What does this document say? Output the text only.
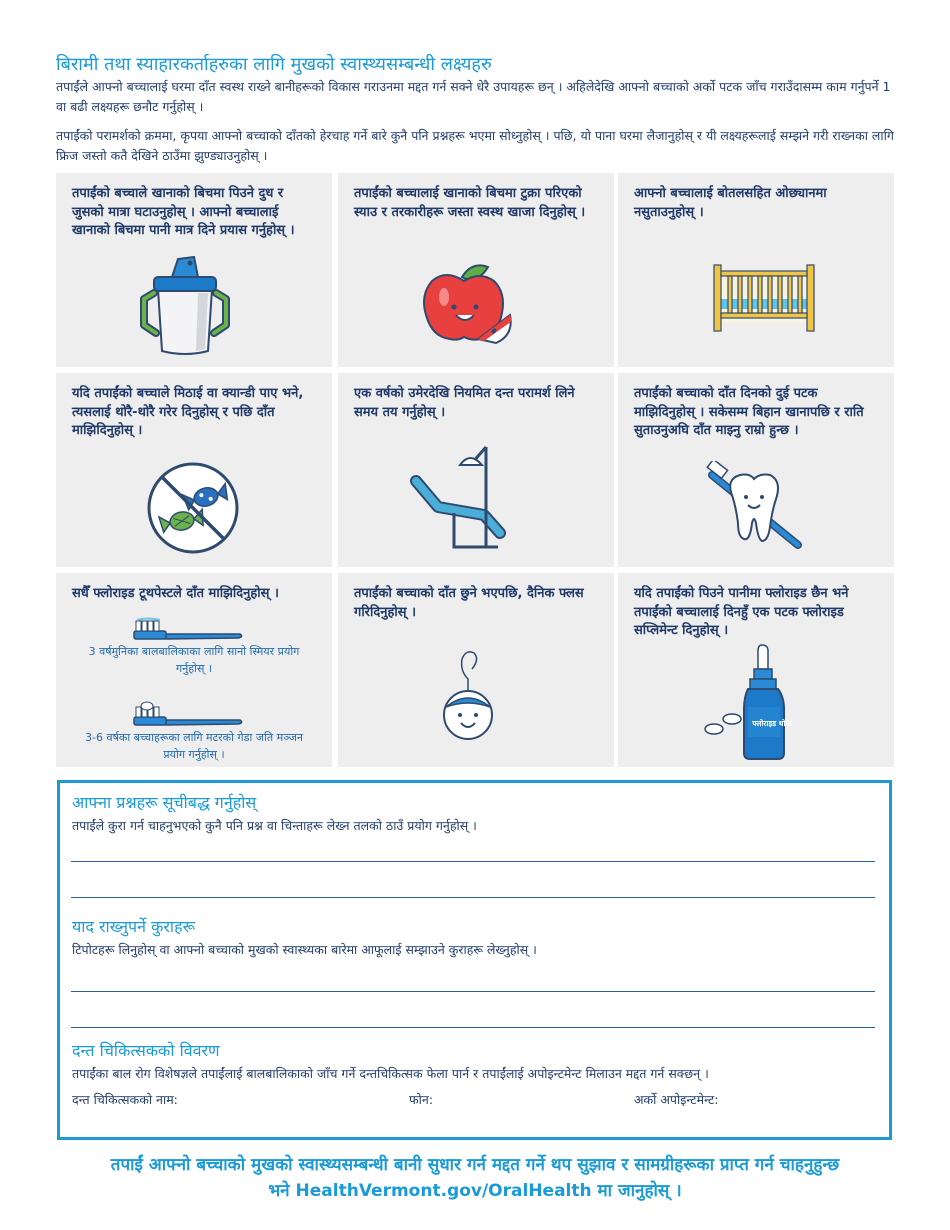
बिरामी तथा स्याहारकर्ताहरुका लागि मुखको स्वास्थ्यसम्बन्धी लक्ष्यहरु

तपाईंले आफ्नो बच्चालाई घरमा दाँत स्वस्थ राख्ने बानीहरूको विकास गराउनमा मद्दत गर्न सक्ने धेरै उपायहरू छन् । अहिलेदेखि आफ्नो बच्चाको अर्को पटक जाँच गराउँदासम्म काम गर्नुपर्ने 1 वा बढी लक्ष्यहरू छनौट गर्नुहोस् ।

तपाईंको परामर्शको क्रममा, कृपया आफ्नो बच्चाको दाँतको हेरचाह गर्ने बारे कुनै पनि प्रश्नहरू भएमा सोध्नुहोस् । पछि, यो पाना घरमा लैजानुहोस् र यी लक्ष्यहरूलाई सम्झने गरी राख्नका लागि फ्रिज जस्तो कतै देखिने ठाउँमा झुण्ड्याउनुहोस् ।

तपाईंको बच्चाले खानाको बिचमा पिउने दुध र जुसको मात्रा घटाउनुहोस् । आफ्नो बच्चालाई खानाको बिचमा पानी मात्र दिने प्रयास गर्नुहोस् ।

तपाईंको बच्चालाई खानाको बिचमा टुक्रा परिएको स्याउ र तरकारीहरू जस्ता स्वस्थ खाजा दिनुहोस् ।

आफ्नो बच्चालाई बोतलसहित ओछ्यानमा नसुताउनुहोस् ।

यदि तपाईंको बच्चाले मिठाई वा क्यान्डी पाए भने, त्यसलाई थोरै-थोरै गरेर दिनुहोस् र पछि दाँत माझिदिनुहोस् ।

एक वर्षको उमेरदेखि नियमित दन्त परामर्श लिने समय तय गर्नुहोस् ।

तपाईंको बच्चाको दाँत दिनको दुई पटक माझिदिनुहोस् । सकेसम्म बिहान खानापछि र राति सुताउनुअघि दाँत माझ्नु राम्रो हुन्छ ।

सधैँ फ्लोराइड टूथपेस्टले दाँत माझिदिनुहोस् ।

3 वर्षमुनिका बालबालिकाका लागि सानो स्मियर प्रयोग गर्नुहोस् ।
3-6 वर्षका बच्चाहरूका लागि मटरको गेडा जति मञ्जन प्रयोग गर्नुहोस् ।

तपाईंको बच्चाको दाँत छुने भएपछि, दैनिक फ्लस गरिदिनुहोस् ।

यदि तपाईंको पिउने पानीमा फ्लोराइड छैन भने तपाईंको बच्चालाई दिनहुँ एक पटक फ्लोराइड सप्लिमेन्ट दिनुहोस् ।

फ्लोराइड थोपा
आफ्ना प्रश्नहरू सूचीबद्ध गर्नुहोस्

तपाईंले कुरा गर्न चाहनुभएको कुनै पनि प्रश्न वा चिन्ताहरू लेख्न तलको ठाउँ प्रयोग गर्नुहोस् ।

याद राख्नुपर्ने कुराहरू

टिपोटहरू लिनुहोस् वा आफ्नो बच्चाको मुखको स्वास्थ्यका बारेमा आफूलाई सम्झाउने कुराहरू लेख्नुहोस् ।

दन्त चिकित्सकको विवरण

तपाईंका बाल रोग विशेषज्ञले तपाईंलाई बालबालिकाको जाँच गर्ने दन्तचिकित्सक फेला पार्न र तपाईंलाई अपोइन्टमेन्ट मिलाउन मद्दत गर्न सक्छन् ।

दन्त चिकित्सकको नाम:	फोन:	अर्को अपोइन्टमेन्ट:
तपाईं आफ्नो बच्चाको मुखको स्वास्थ्यसम्बन्धी बानी सुधार गर्न मद्दत गर्ने थप सुझाव र सामग्रीहरूका प्राप्त गर्न चाहनुहुन्छ
भने HealthVermont.gov/OralHealth मा जानुहोस् ।
